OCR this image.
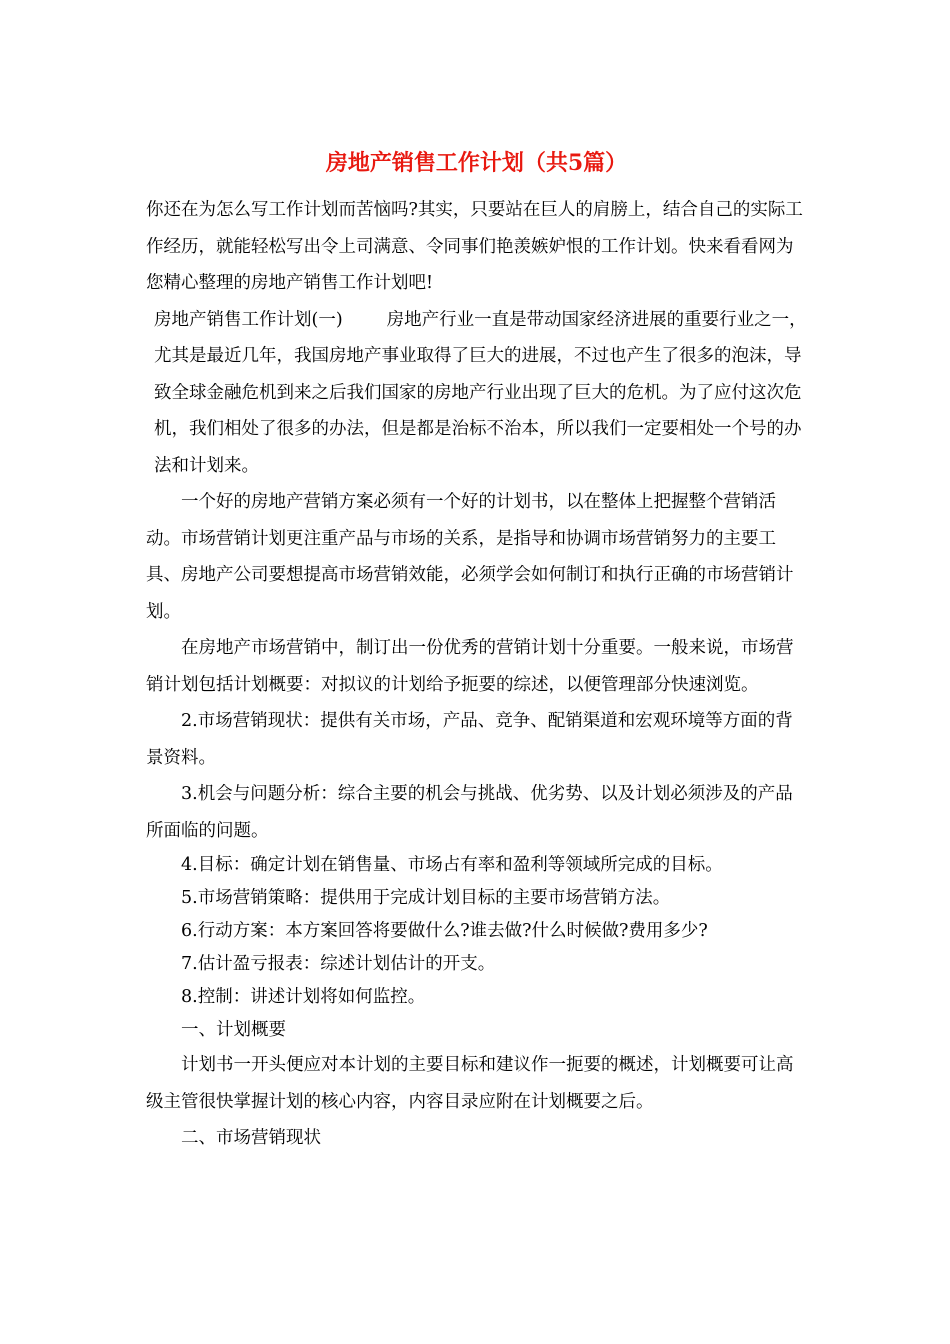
房地产销售工作计划（共5篇）

你还在为怎么写工作计划而苦恼吗?其实，只要站在巨人的肩膀上，结合自己的实际工作经历，就能轻松写出令上司满意、令同事们艳羡嫉妒恨的工作计划。快来看看网为您精心整理的房地产销售工作计划吧!

房地产销售工作计划(一)	房地产行业一直是带动国家经济进展的重要行业之一，尤其是最近几年，我国房地产事业取得了巨大的进展，不过也产生了很多的泡沫，导致全球金融危机到来之后我们国家的房地产行业出现了巨大的危机。为了应付这次危机，我们相处了很多的办法，但是都是治标不治本，所以我们一定要相处一个号的办法和计划来。

一个好的房地产营销方案必须有一个好的计划书，以在整体上把握整个营销活动。市场营销计划更注重产品与市场的关系，是指导和协调市场营销努力的主要工具、房地产公司要想提高市场营销效能，必须学会如何制订和执行正确的市场营销计划。

在房地产市场营销中，制订出一份优秀的营销计划十分重要。一般来说，市场营销计划包括计划概要：对拟议的计划给予扼要的综述，以便管理部分快速浏览。

2.市场营销现状：提供有关市场，产品、竞争、配销渠道和宏观环境等方面的背景资料。

3.机会与问题分析：综合主要的机会与挑战、优劣势、以及计划必须涉及的产品所面临的问题。

4.目标：确定计划在销售量、市场占有率和盈利等领域所完成的目标。

5.市场营销策略：提供用于完成计划目标的主要市场营销方法。

6.行动方案：本方案回答将要做什么?谁去做?什么时候做?费用多少?

7.估计盈亏报表：综述计划估计的开支。

8.控制：讲述计划将如何监控。

一、计划概要

计划书一开头便应对本计划的主要目标和建议作一扼要的概述，计划概要可让高级主管很快掌握计划的核心内容，内容目录应附在计划概要之后。

二、市场营销现状
